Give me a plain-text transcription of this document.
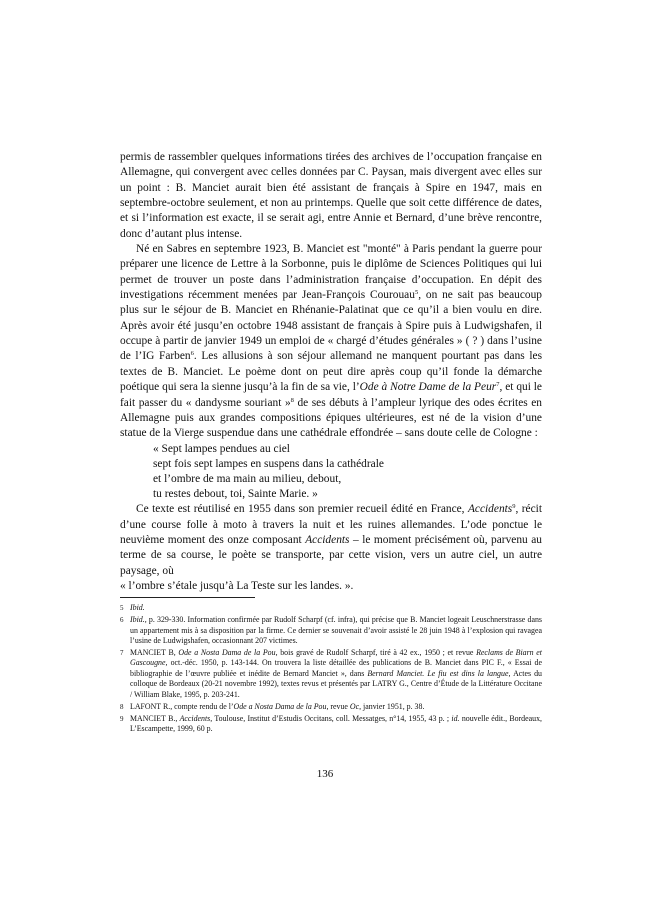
permis de rassembler quelques informations tirées des archives de l’occupation française en Allemagne, qui convergent avec celles données par C. Paysan, mais divergent avec elles sur un point : B. Manciet aurait bien été assistant de français à Spire en 1947, mais en septembre-octobre seulement, et non au printemps. Quelle que soit cette différence de dates, et si l’information est exacte, il se serait agi, entre Annie et Bernard, d’une brève rencontre, donc d’autant plus intense.

Né en Sabres en septembre 1923, B. Manciet est "monté" à Paris pendant la guerre pour préparer une licence de Lettre à la Sorbonne, puis le diplôme de Sciences Politiques qui lui permet de trouver un poste dans l’administration française d’occupation. En dépit des investigations récemment menées par Jean-François Courouau$^5$, on ne sait pas beaucoup plus sur le séjour de B. Manciet en Rhénanie-Palatinat que ce qu’il a bien voulu en dire. Après avoir été jusqu’en octobre 1948 assistant de français à Spire puis à Ludwigshafen, il occupe à partir de janvier 1949 un emploi de « chargé d’études générales » ( ? ) dans l’usine de l’IG Farben$^6$. Les allusions à son séjour allemand ne manquent pourtant pas dans les textes de B. Manciet. Le poème dont on peut dire après coup qu’il fonde la démarche poétique qui sera la sienne jusqu’à la fin de sa vie, l’Ode à Notre Dame de la Peur$^7$, et qui le fait passer du « dandysme souriant »$^8$ de ses débuts à l’ampleur lyrique des odes écrites en Allemagne puis aux grandes compositions épiques ultérieures, est né de la vision d’une statue de la Vierge suspendue dans une cathédrale effondrée – sans doute celle de Cologne :

« Sept lampes pendues au ciel
sept fois sept lampes en suspens dans la cathédrale
et l’ombre de ma main au milieu, debout,
tu restes debout, toi, Sainte Marie. »

Ce texte est réutilisé en 1955 dans son premier recueil édité en France, Accidents$^9$, récit d’une course folle à moto à travers la nuit et les ruines allemandes. L’ode ponctue le neuvième moment des onze composant Accidents – le moment précisément où, parvenu au terme de sa course, le poète se transporte, par cette vision, vers un autre ciel, un autre paysage, où

« l’ombre s’étale jusqu’à La Teste sur les landes. ».

5 Ibid.
6 Ibid., p. 329-330. Information confirmée par Rudolf Scharpf (cf. infra), qui précise que B. Manciet logeait Leuschnerstrasse dans un appartement mis à sa disposition par la firme. Ce dernier se souvenait d’avoir assisté le 28 juin 1948 à l’explosion qui ravagea l’usine de Ludwigshafen, occasionnant 207 victimes.
7 MANCIET B, Ode a Nosta Dama de la Pou, bois gravé de Rudolf Scharpf, tiré à 42 ex., 1950 ; et revue Reclams de Biarn et Gascougne, oct.-déc. 1950, p. 143-144. On trouvera la liste détaillée des publications de B. Manciet dans PIC F., « Essai de bibliographie de l’œuvre publiée et inédite de Bernard Manciet », dans Bernard Manciet. Le fiu est dins la langue, Actes du colloque de Bordeaux (20-21 novembre 1992), textes revus et présentés par LATRY G., Centre d’Étude de la Littérature Occitane / William Blake, 1995, p. 203-241.
8 LAFONT R., compte rendu de l’Ode a Nosta Dama de la Pou, revue Oc, janvier 1951, p. 38.
9 MANCIET B., Accidents, Toulouse, Institut d’Estudis Occitans, coll. Messatges, n°14, 1955, 43 p. ; id. nouvelle édit., Bordeaux, L’Escampette, 1999, 60 p.
136
